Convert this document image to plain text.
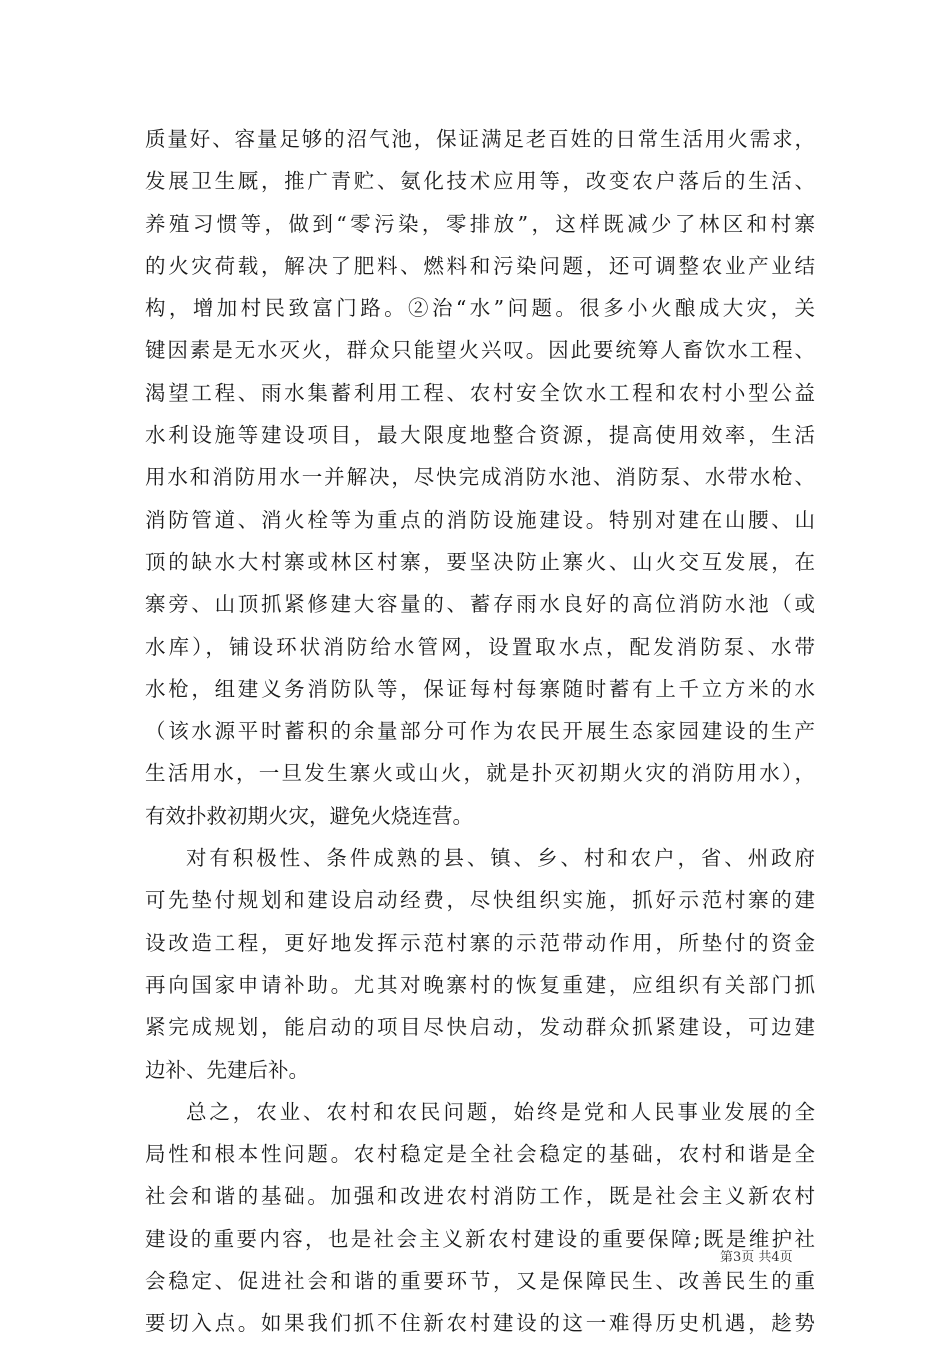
质量好、容量足够的沼气池，保证满足老百姓的日常生活用火需求，
发展卫生厩，推广青贮、氨化技术应用等，改变农户落后的生活、
养殖习惯等，做到“零污染，零排放”，这样既减少了林区和村寨
的火灾荷载，解决了肥料、燃料和污染问题，还可调整农业产业结
构，增加村民致富门路。②治“水”问题。很多小火酿成大灾，关
键因素是无水灭火，群众只能望火兴叹。因此要统筹人畜饮水工程、
渴望工程、雨水集蓄利用工程、农村安全饮水工程和农村小型公益
水利设施等建设项目，最大限度地整合资源，提高使用效率，生活
用水和消防用水一并解决，尽快完成消防水池、消防泵、水带水枪、
消防管道、消火栓等为重点的消防设施建设。特别对建在山腰、山
顶的缺水大村寨或林区村寨，要坚决防止寨火、山火交互发展，在
寨旁、山顶抓紧修建大容量的、蓄存雨水良好的高位消防水池（或
水库），铺设环状消防给水管网，设置取水点，配发消防泵、水带
水枪，组建义务消防队等，保证每村每寨随时蓄有上千立方米的水
（该水源平时蓄积的余量部分可作为农民开展生态家园建设的生产
生活用水，一旦发生寨火或山火，就是扑灭初期火灾的消防用水），
有效扑救初期火灾，避免火烧连营。
对有积极性、条件成熟的县、镇、乡、村和农户，省、州政府
可先垫付规划和建设启动经费，尽快组织实施，抓好示范村寨的建
设改造工程，更好地发挥示范村寨的示范带动作用，所垫付的资金
再向国家申请补助。尤其对晚寨村的恢复重建，应组织有关部门抓
紧完成规划，能启动的项目尽快启动，发动群众抓紧建设，可边建
边补、先建后补。
总之，农业、农村和农民问题，始终是党和人民事业发展的全
局性和根本性问题。农村稳定是全社会稳定的基础，农村和谐是全
社会和谐的基础。加强和改进农村消防工作，既是社会主义新农村
建设的重要内容，也是社会主义新农村建设的重要保障;既是维护社
会稳定、促进社会和谐的重要环节，又是保障民生、改善民生的重
要切入点。如果我们抓不住新农村建设的这一难得历史机遇，趁势
第3页 共4页
